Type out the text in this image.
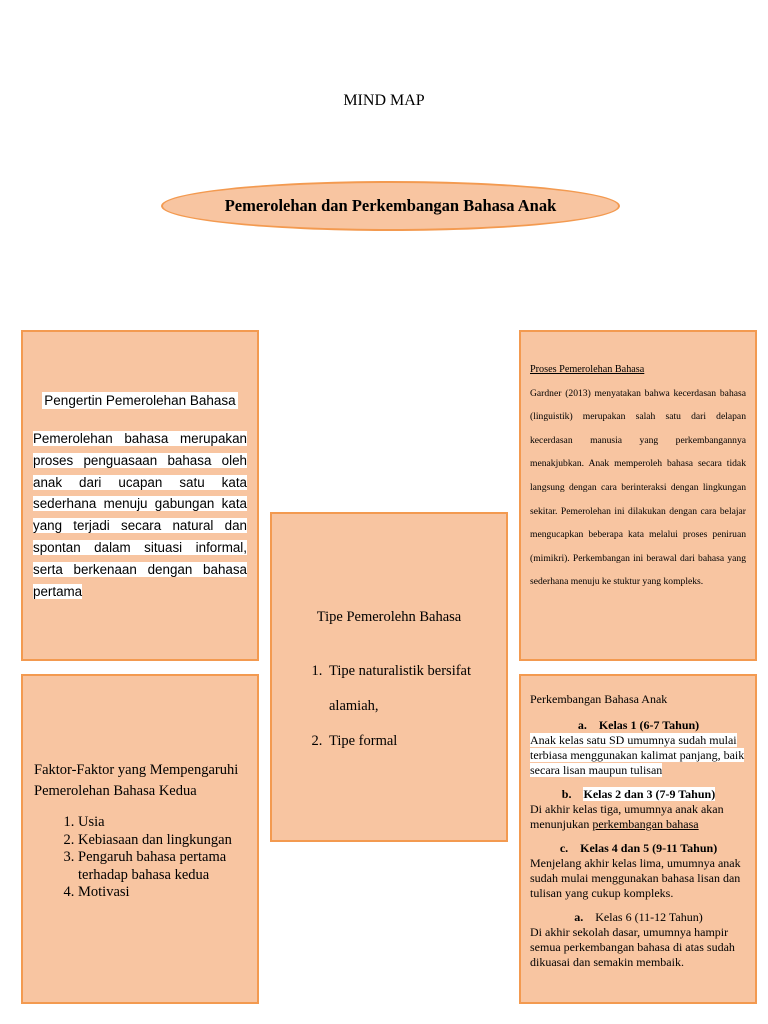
MIND MAP
Pemerolehan dan Perkembangan Bahasa Anak
Pengertin Pemerolehan Bahasa
Pemerolehan bahasa merupakan proses penguasaan bahasa oleh anak dari ucapan satu kata sederhana menuju gabungan kata yang terjadi secara natural dan spontan dalam situasi informal, serta berkenaan dengan bahasa pertama
Faktor-Faktor yang Mempengaruhi Pemerolehan Bahasa Kedua
1. Usia
2. Kebiasaan dan lingkungan
3. Pengaruh bahasa pertama terhadap bahasa kedua
4. Motivasi
Tipe Pemerolehn Bahasa
1. Tipe naturalistik bersifat alamiah,
2. Tipe formal
Proses Pemerolehan Bahasa
Gardner (2013) menyatakan bahwa kecerdasan bahasa (linguistik) merupakan salah satu dari delapan kecerdasan manusia yang perkembangannya menakjubkan. Anak memperoleh bahasa secara tidak langsung dengan cara berinteraksi dengan lingkungan sekitar. Pemerolehan ini dilakukan dengan cara belajar mengucapkan beberapa kata melalui proses peniruan (mimikri). Perkembangan ini berawal dari bahasa yang sederhana menuju ke stuktur yang kompleks.
Perkembangan Bahasa Anak
a. Kelas 1 (6-7 Tahun)
Anak kelas satu SD umumnya sudah mulai terbiasa menggunakan kalimat panjang, baik secara lisan maupun tulisan
b. Kelas 2 dan 3 (7-9 Tahun)
Di akhir kelas tiga, umumnya anak akan menunjukan perkembangan bahasa
c. Kelas 4 dan 5 (9-11 Tahun)
Menjelang akhir kelas lima, umumnya anak sudah mulai menggunakan bahasa lisan dan tulisan yang cukup kompleks.
a. Kelas 6 (11-12 Tahun)
Di akhir sekolah dasar, umumnya hampir semua perkembangan bahasa di atas sudah dikuasai dan semakin membaik.
